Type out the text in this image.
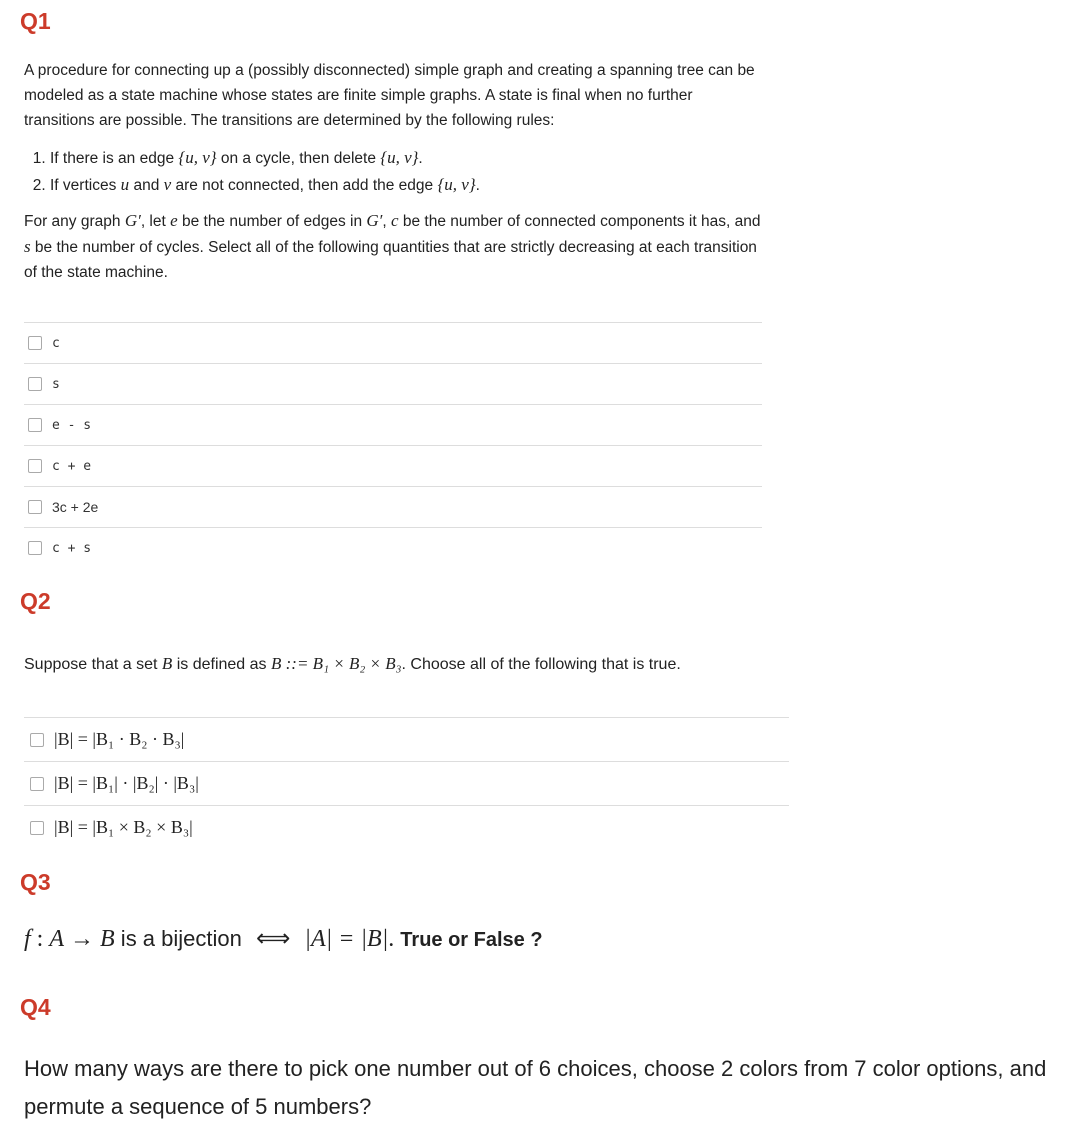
Q1
A procedure for connecting up a (possibly disconnected) simple graph and creating a spanning tree can be modeled as a state machine whose states are finite simple graphs. A state is final when no further transitions are possible. The transitions are determined by the following rules:
1. If there is an edge {u, v} on a cycle, then delete {u, v}.
2. If vertices u and v are not connected, then add the edge {u, v}.
For any graph G′, let e be the number of edges in G′, c be the number of connected components it has, and s be the number of cycles. Select all of the following quantities that are strictly decreasing at each transition of the state machine.
c
s
e - s
c + e
3c + 2e
c + s
Q2
Suppose that a set B is defined as B ::= B₁ × B₂ × B₃. Choose all of the following that is true.
|B| = |B₁ · B₂ · B₃|
|B| = |B₁| · |B₂| · |B₃|
|B| = |B₁ × B₂ × B₃|
Q3
f : A → B is a bijection ⟺ |A| = |B| . True or False ?
Q4
How many ways are there to pick one number out of 6 choices, choose 2 colors from 7 color options, and permute a sequence of 5 numbers?
